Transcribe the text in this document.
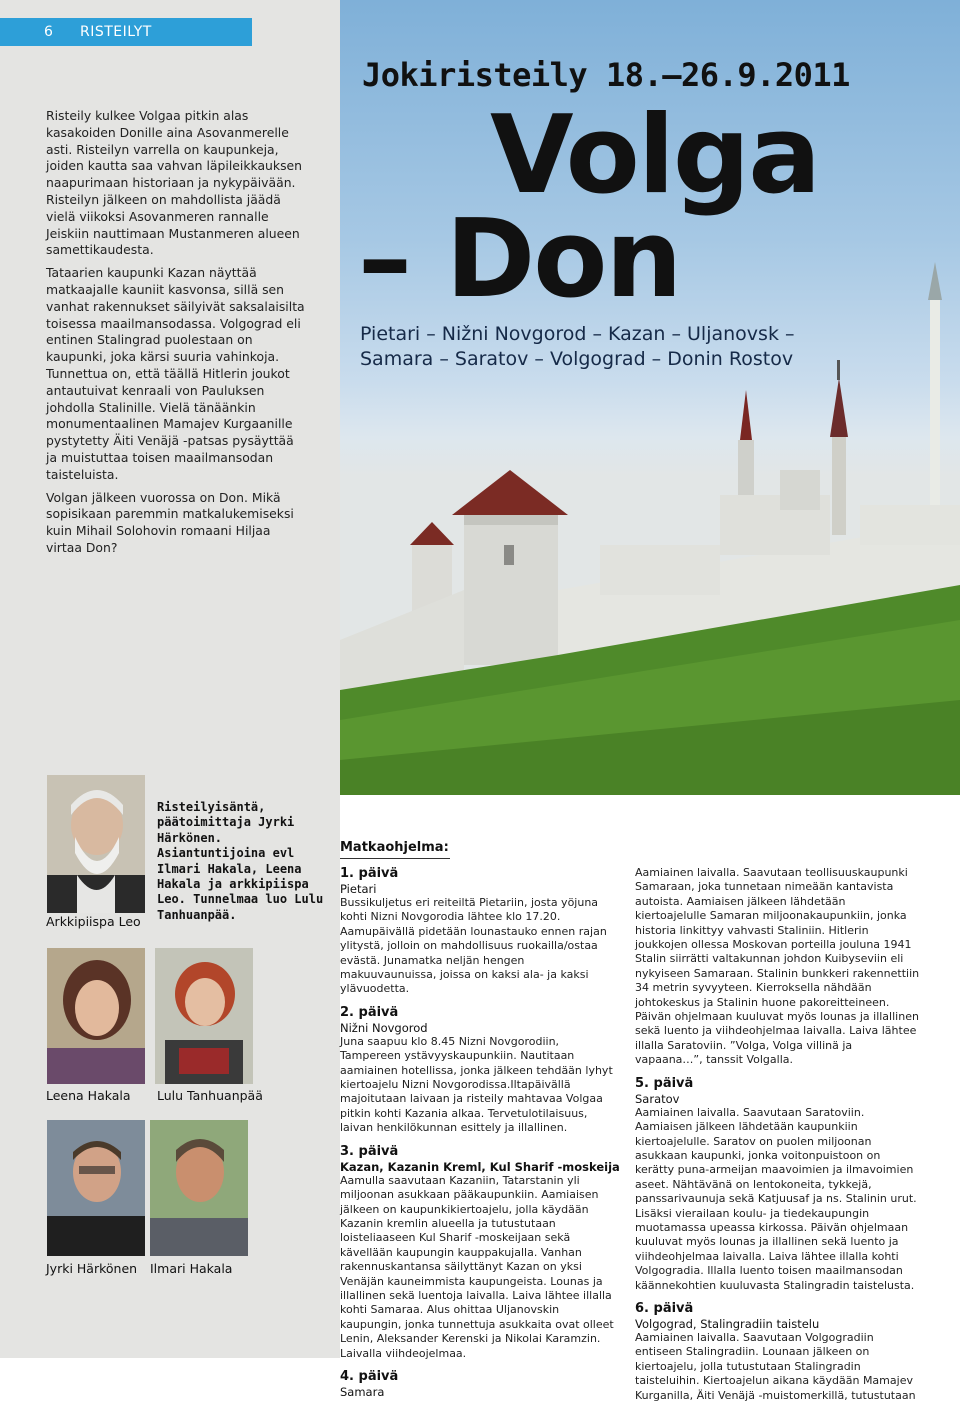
6 RISTEILYT

Risteily kulkee Volgaa pitkin alas kasakoiden Donille aina Asovanmerelle asti. Risteilyn varrella on kaupunkeja, joiden kautta saa vahvan läpileikkauksen naapurimaan historiaan ja nykypäivään. Risteilyn jälkeen on mahdollista jäädä vielä viikoksi Asovanmeren rannalle Jeiskiin nauttimaan Mustanmeren alueen samettikaudesta.

Tataarien kaupunki Kazan näyttää matkaajalle kauniit kasvonsa, sillä sen vanhat rakennukset säilyivät saksalaisilta toisessa maailmansodassa. Volgograd eli entinen Stalingrad puolestaan on kaupunki, joka kärsi suuria vahinkoja. Tunnettua on, että täällä Hitlerin joukot antautuivat kenraali von Pauluksen johdolla Stalinille. Vielä tänäänkin monumentaalinen Mamajev Kurgaanille pystytetty Äiti Venäjä -patsas pysäyttää ja muistuttaa toisen maailmansodan taisteluista.

Volgan jälkeen vuorossa on Don. Mikä sopisikaan paremmin matkalukemiseksi kuin Mihail Solohovin romaani Hiljaa virtaa Don?

Jokiristeily 18.–26.9.2011
Volga
– Don
Pietari – Nižni Novgorod – Kazan – Uljanovsk –
Samara – Saratov – Volgograd – Donin Rostov
Arkkipiispa Leo
Risteilyisäntä, päätoimittaja Jyrki Härkönen. Asiantuntijoina evl Ilmari Hakala, Leena Hakala ja arkkipiispa Leo. Tunnelmaa luo Lulu Tanhuanpää.
Leena Hakala Lulu Tanhuanpää
Jyrki Härkönen Ilmari Hakala
Matkaohjelma:
1. päivä
Pietari
Bussikuljetus eri reiteiltä Pietariin, josta yöjuna kohti Nizni Novgorodia lähtee klo 17.20. Aamupäivällä pidetään lounastauko ennen rajan ylitystä, jolloin on mahdollisuus ruokailla/ostaa evästä. Junamatka neljän hengen makuuvaunuissa, joissa on kaksi ala- ja kaksi ylävuodetta.
2. päivä
Nižni Novgorod
Juna saapuu klo 8.45 Nizni Novgorodiin, Tampereen ystävyyskaupunkiin. Nautitaan aamiainen hotellissa, jonka jälkeen tehdään lyhyt kiertoajelu Nizni Novgorodissa.Iltapäivällä majoitutaan laivaan ja risteily mahtavaa Volgaa pitkin kohti Kazania alkaa. Tervetulotilaisuus, laivan henkilökunnan esittely ja illallinen.
3. päivä
Kazan, Kazanin Kreml, Kul Sharif -moskeija
Aamulla saavutaan Kazaniin, Tatarstanin yli miljoonan asukkaan pääkaupunkiin. Aamiaisen jälkeen on kaupunkikiertoajelu, jolla käydään Kazanin kremlin alueella ja tutustutaan loisteliaaseen Kul Sharif -moskeijaan sekä kävellään kaupungin kauppakujalla. Vanhan rakennuskantansa säilyttänyt Kazan on yksi Venäjän kauneimmista kaupungeista. Lounas ja illallinen sekä luentoja laivalla. Laiva lähtee illalla kohti Samaraa. Alus ohittaa Uljanovskin kaupungin, jonka tunnettuja asukkaita ovat olleet Lenin, Aleksander Kerenski ja Nikolai Karamzin. Laivalla viihdeojelmaa.
4. päivä
Samara
Aamiainen laivalla. Saavutaan teollisuuskaupunki Samaraan, joka tunnetaan nimeään kantavista autoista. Aamiaisen jälkeen lähdetään kiertoajelulle Samaran miljoonakaupunkiin, jonka historia linkittyy vahvasti Staliniin. Hitlerin joukkojen ollessa Moskovan porteilla jouluna 1941 Stalin siirrätti valtakunnan johdon Kuibyseviin eli nykyiseen Samaraan. Stalinin bunkkeri rakennettiin 34 metrin syvyyteen. Kierroksella nähdään johtokeskus ja Stalinin huone pakoreitteineen. Päivän ohjelmaan kuuluvat myös lounas ja illallinen sekä luento ja viihdeohjelmaa laivalla. Laiva lähtee illalla Saratoviin. ”Volga, Volga villinä ja vapaana…”, tanssit Volgalla.
5. päivä
Saratov
Aamiainen laivalla. Saavutaan Saratoviin. Aamiaisen jälkeen lähdetään kaupunkiin kiertoajelulle. Saratov on puolen miljoonan asukkaan kaupunki, jonka voitonpuistoon on kerätty puna-armeijan maavoimien ja ilmavoimien aseet. Nähtävänä on lentokoneita, tykkejä, panssarivaunuja sekä Katjuusaf ja ns. Stalinin urut. Lisäksi vierailaan koulu- ja tiedekaupungin muotamassa upeassa kirkossa. Päivän ohjelmaan kuuluvat myös lounas ja illallinen sekä luento ja viihdeohjelmaa laivalla. Laiva lähtee illalla kohti Volgogradia. Illalla luento toisen maailmansodan käännekohtien kuuluvasta Stalingradin taistelusta.
6. päivä
Volgograd, Stalingradiin taistelu
Aamiainen laivalla. Saavutaan Volgogradiin entiseen Stalingradiin. Lounaan jälkeen on kiertoajelu, jolla tutustutaan Stalingradin taisteluihin. Kiertoajelun aikana käydään Mamajev Kurganilla, Äiti Venäjä -muistomerkillä, tutustutaan
